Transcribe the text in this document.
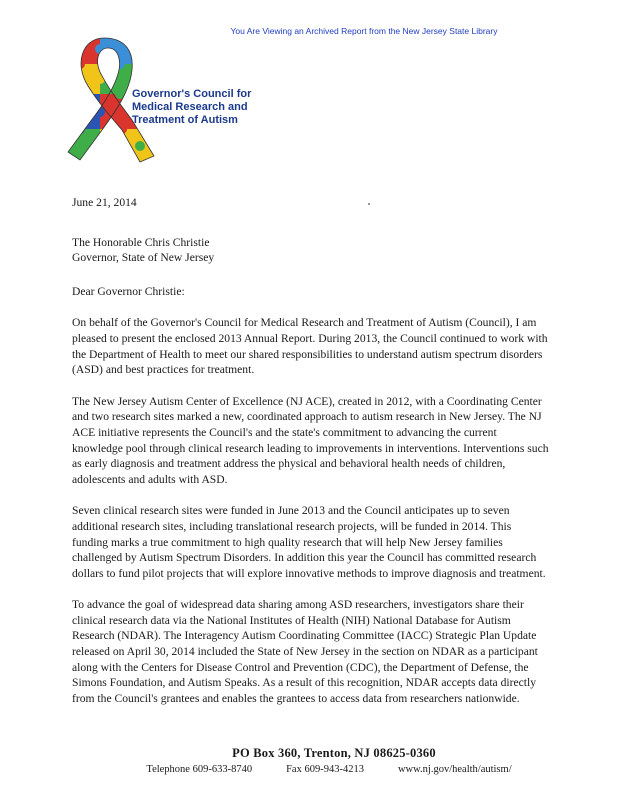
You Are Viewing an Archived Report from the New Jersey State Library
Governor's Council for
Medical Research and
Treatment of Autism
June 21, 2014
The Honorable Chris Christie
Governor, State of New Jersey
Dear Governor Christie:

On behalf of the Governor's Council for Medical Research and Treatment of Autism (Council), I am pleased to present the enclosed 2013 Annual Report. During 2013, the Council continued to work with the Department of Health to meet our shared responsibilities to understand autism spectrum disorders (ASD) and best practices for treatment.

The New Jersey Autism Center of Excellence (NJ ACE), created in 2012, with a Coordinating Center and two research sites marked a new, coordinated approach to autism research in New Jersey. The NJ ACE initiative represents the Council's and the state's commitment to advancing the current knowledge pool through clinical research leading to improvements in interventions. Interventions such as early diagnosis and treatment address the physical and behavioral health needs of children, adolescents and adults with ASD.

Seven clinical research sites were funded in June 2013 and the Council anticipates up to seven additional research sites, including translational research projects, will be funded in 2014. This funding marks a true commitment to high quality research that will help New Jersey families challenged by Autism Spectrum Disorders. In addition this year the Council has committed research dollars to fund pilot projects that will explore innovative methods to improve diagnosis and treatment.

To advance the goal of widespread data sharing among ASD researchers, investigators share their clinical research data via the National Institutes of Health (NIH) National Database for Autism Research (NDAR). The Interagency Autism Coordinating Committee (IACC) Strategic Plan Update released on April 30, 2014 included the State of New Jersey in the section on NDAR as a participant along with the Centers for Disease Control and Prevention (CDC), the Department of Defense, the Simons Foundation, and Autism Speaks. As a result of this recognition, NDAR accepts data directly from the Council's grantees and enables the grantees to access data from researchers nationwide.

PO Box 360, Trenton, NJ 08625-0360
Telephone 609-633-8740	Fax 609-943-4213	www.nj.gov/health/autism/
